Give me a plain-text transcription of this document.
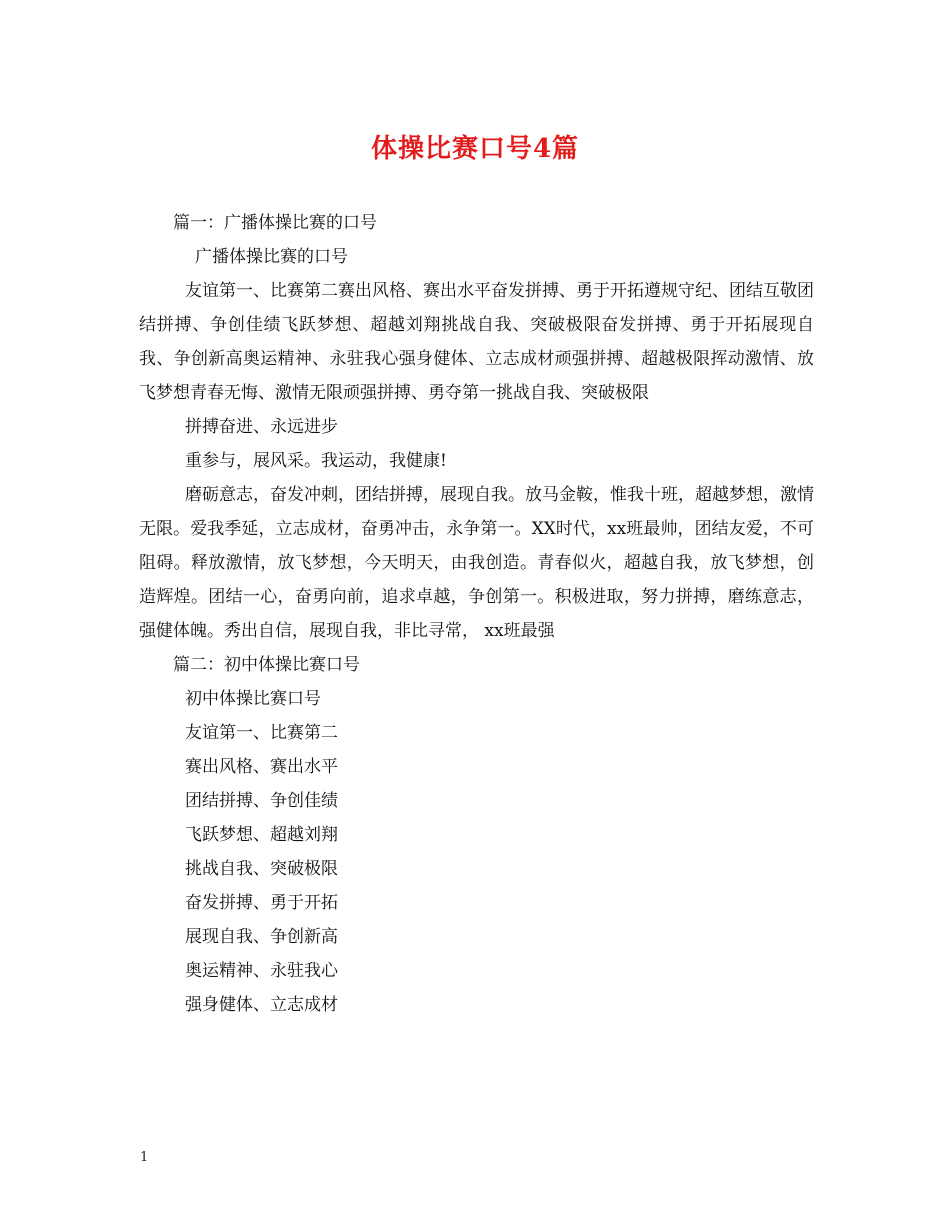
体操比赛口号4篇

篇一：广播体操比赛的口号

广播体操比赛的口号

友谊第一、比赛第二赛出风格、赛出水平奋发拼搏、勇于开拓遵规守纪、团结互敬团结拼搏、争创佳绩飞跃梦想、超越刘翔挑战自我、突破极限奋发拼搏、勇于开拓展现自我、争创新高奥运精神、永驻我心强身健体、立志成材顽强拼搏、超越极限挥动激情、放飞梦想青春无悔、激情无限顽强拼搏、勇夺第一挑战自我、突破极限

拼搏奋进、永远进步

重参与，展风采。我运动，我健康!

磨砺意志，奋发冲刺，团结拼搏，展现自我。放马金鞍，惟我十班，超越梦想，激情无限。爱我季延，立志成材，奋勇冲击，永争第一。XX时代，xx班最帅，团结友爱，不可阻碍。释放激情，放飞梦想，今天明天，由我创造。青春似火，超越自我，放飞梦想，创造辉煌。团结一心，奋勇向前，追求卓越，争创第一。积极进取，努力拼搏，磨练意志，强健体魄。秀出自信，展现自我，非比寻常， xx班最强

篇二：初中体操比赛口号

初中体操比赛口号

友谊第一、比赛第二

赛出风格、赛出水平

团结拼搏、争创佳绩

飞跃梦想、超越刘翔

挑战自我、突破极限

奋发拼搏、勇于开拓

展现自我、争创新高

奥运精神、永驻我心

强身健体、立志成材

1
